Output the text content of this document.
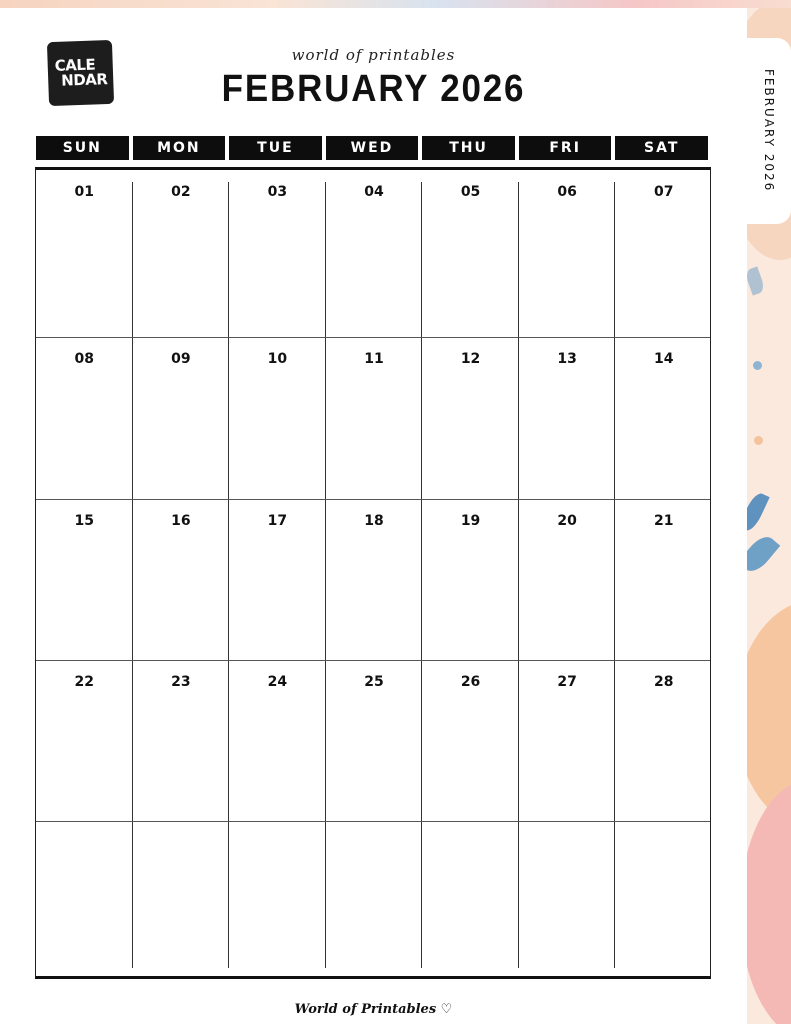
FEBRUARY 2026
CALE
NDAR
world of printables
FEBRUARY 2026
SUN	MON	TUE	WED	THU	FRI	SAT
01	02	03	04	05	06	07
08	09	10	11	12	13	14
15	16	17	18	19	20	21
22	23	24	25	26	27	28
World of Printables ♡
